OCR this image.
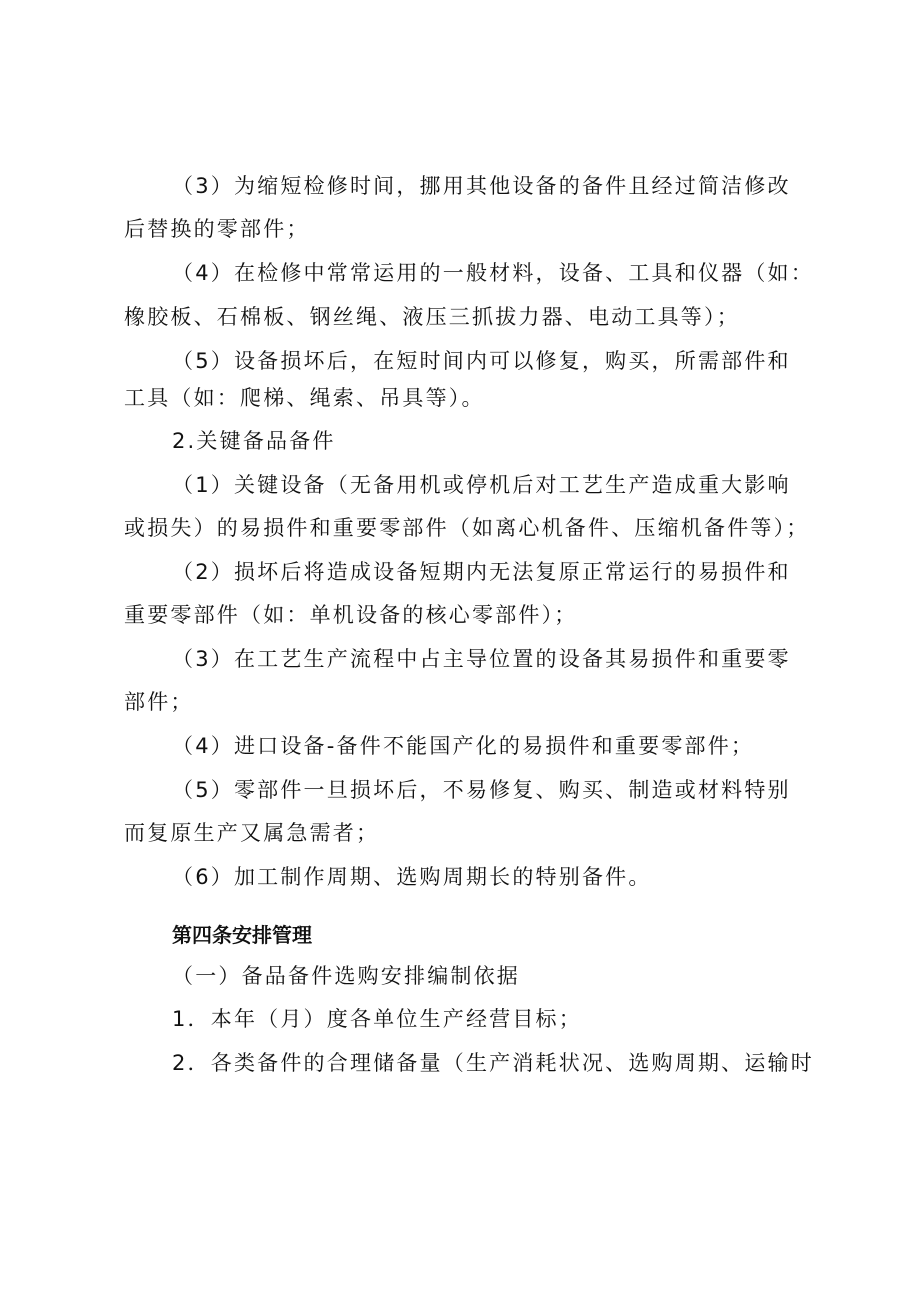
（3）为缩短检修时间，挪用其他设备的备件且经过简洁修改
后替换的零部件；
（4）在检修中常常运用的一般材料，设备、工具和仪器（如：
橡胶板、石棉板、钢丝绳、液压三抓拔力器、电动工具等）；
（5）设备损坏后，在短时间内可以修复，购买，所需部件和
工具（如：爬梯、绳索、吊具等）。
2.关键备品备件
（1）关键设备（无备用机或停机后对工艺生产造成重大影响
或损失）的易损件和重要零部件（如离心机备件、压缩机备件等）；
（2）损坏后将造成设备短期内无法复原正常运行的易损件和
重要零部件（如：单机设备的核心零部件）；
（3）在工艺生产流程中占主导位置的设备其易损件和重要零
部件；
（4）进口设备-备件不能国产化的易损件和重要零部件；
（5）零部件一旦损坏后，不易修复、购买、制造或材料特别
而复原生产又属急需者；
（6）加工制作周期、选购周期长的特别备件。
第四条安排管理
（一）备品备件选购安排编制依据
1．本年（月）度各单位生产经营目标；
2．各类备件的合理储备量（生产消耗状况、选购周期、运输时
